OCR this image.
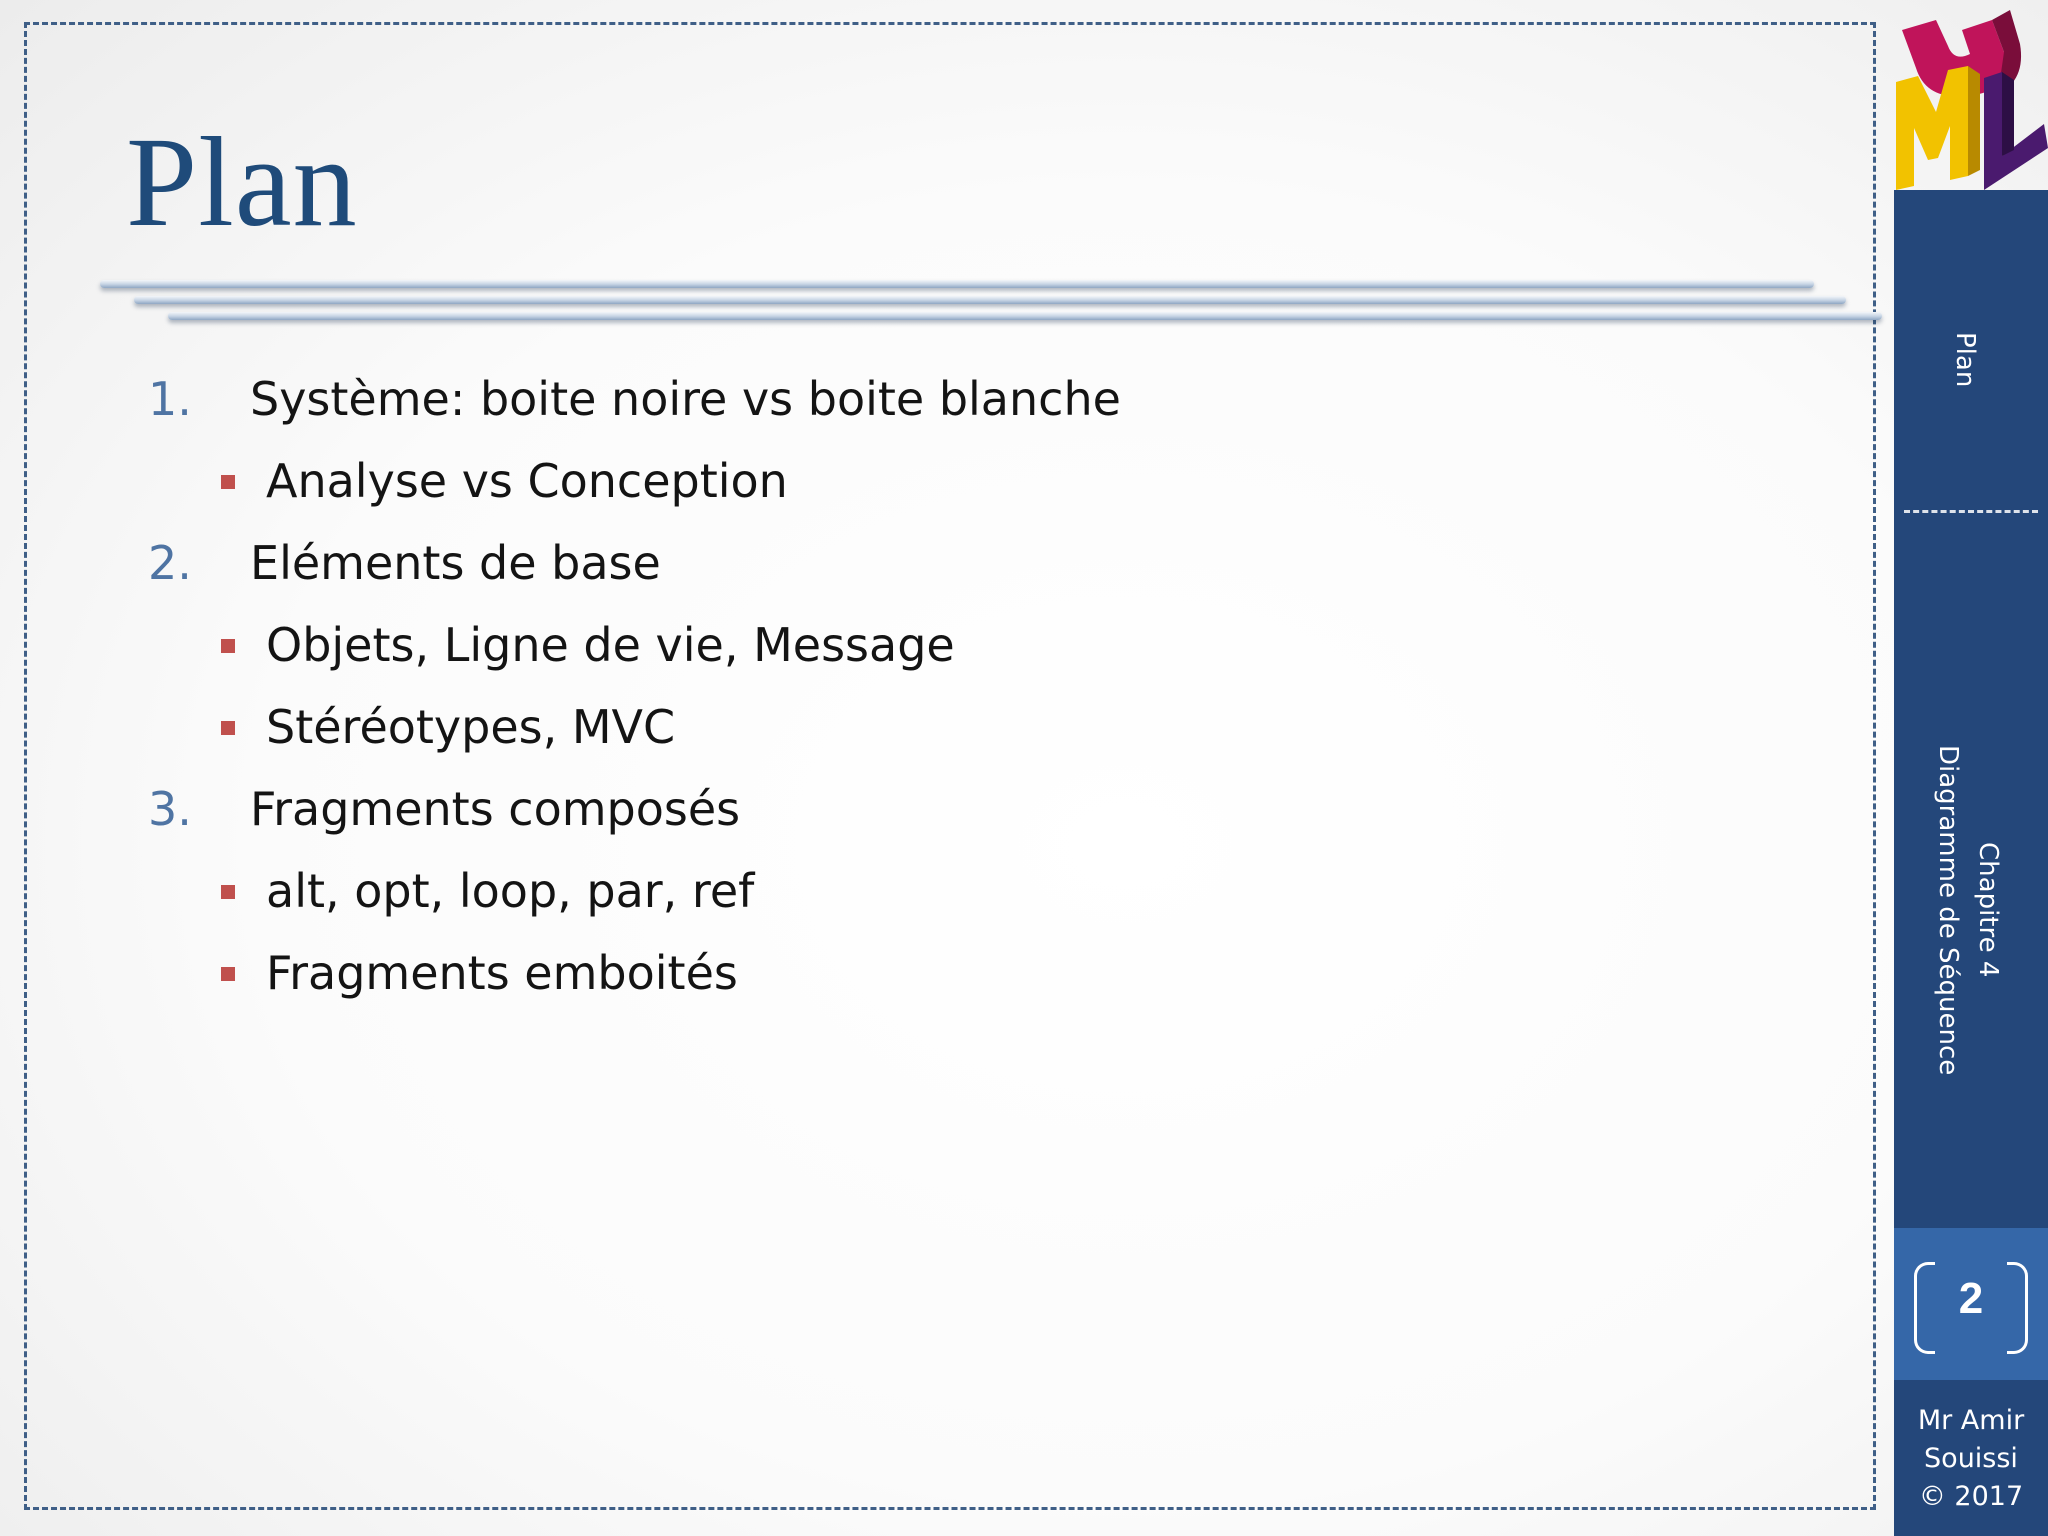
Plan
1. Système: boite noire vs boite blanche
Analyse vs Conception
2. Eléments de base
Objets, Ligne de vie, Message
Stéréotypes, MVC
3. Fragments composés
alt, opt, loop, par, ref
Fragments emboités
Plan
Chapitre 4
Diagramme de Séquence
2
Mr Amir
Souissi
© 2017
